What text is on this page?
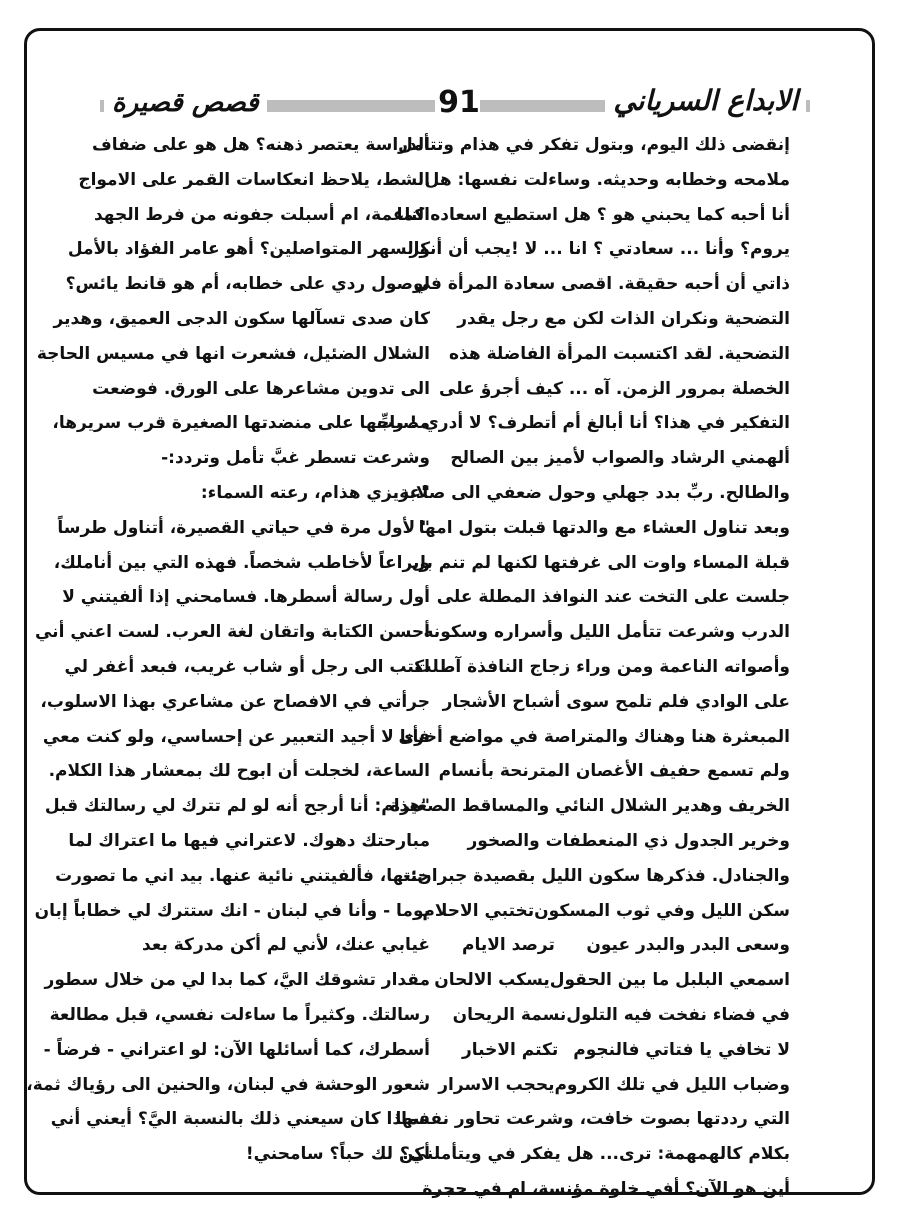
قصص قصيرة	91	الابداع السرياني
إنقضى ذلك اليوم، وبتول تفكر في هذام وتتأمل
ملامحه وخطابه وحديثه. وساءلت نفسها: هل
أنا أحبه كما يحبني هو ؟ هل استطيع اسعاده كما
يروم؟ وأنا ... سعادتي ؟ انا ... لا !يجب أن أنكر
ذاتي أن أحبه حقيقة. اقصى سعادة المرأة في
التضحية ونكران الذات لكن مع رجل يقدر
التضحية. لقد اكتسبت المرأة الفاضلة هذه
الخصلة بمرور الزمن. آه ... كيف أجرؤ على
التفكير في هذا؟ أنا أبالغ أم أتطرف؟ لا أدري ! ربِّ
ألهمني الرشاد والصواب لأميز بين الصالح
والطالح. ربِّ بدد جهلي وحول ضعفي الى صلابة.
وبعد تناول العشاء مع والدتها قبلت بتول امها
قبلة المساء واوت الى غرفتها لكنها لم تنم بل
جلست على التخت عند النوافذ المطلة على
الدرب وشرعت تتأمل الليل وأسراره وسكونه
وأصواته الناعمة ومن وراء زجاج النافذة آطلت
على الوادي فلم تلمح سوى أشباح الأشجار
المبعثرة هنا وهناك والمتراصة في مواضع أخرى
ولم تسمع حفيف الأغصان المترنحة بأنسام
الخريف وهدير الشلال النائي والمساقط الصغيرة
وخرير الجدول ذي المنعطفات والصخور
والجنادل. فذكرها سكون الليل بقصيدة جبران:-
سكن الليل وفي ثوب المسكون
تختبي الاحلام
وسعى البدر والبدر عيون
ترصد الايام
اسمعي البلبل ما بين الحقول
يسكب الالحان
في فضاء نفخت فيه التلول
نسمة الريحان
لا تخافي يا فتاتي فالنجوم
تكتم الاخبار
وضباب الليل في تلك الكروم
يحجب الاسرار
التي رددتها بصوت خافت، وشرعت تحاور نفسها
بكلام كالهمهمة: ترى... هل يفكر في ويتأملني؟
أين هو الآن؟ أفي خلوة مؤنسة، ام في حجرة
الدراسة يعتصر ذهنه؟ هل هو على ضفاف
الشط، يلاحظ انعكاسات القمر على الامواج
الناعمة، ام أسبلت جفونه من فرط الجهد
والسهر المتواصلين؟ أهو عامر الفؤاد بالأمل
لوصول ردي على خطابه، أم هو قانط يائس؟
كان صدى تسآلها سكون الدجى العميق، وهدير
الشلال الضئيل، فشعرت انها في مسيس الحاجة
الى تدوين مشاعرها على الورق. فوضعت
مصباحها على منضدتها الصغيرة قرب سريرها،
وشرعت تسطر غبَّ تأمل وتردد:-
"عزيزي هذام، رعته السماء:
" لأول مرة في حياتي القصيرة، أتناول طرساً
ويراعاً لأخاطب شخصاً. فهذه التي بين أناملك،
أول رسالة أسطرها. فسامحني إذا ألفيتني لا
أحسن الكتابة واتقان لغة العرب. لست اعني أني
اكتب الى رجل أو شاب غريب، فبعد أغفر لي
جرأتي في الافصاح عن مشاعري بهذا الاسلوب،
فأنا لا أجيد التعبير عن إحساسي، ولو كنت معي
الساعة، لخجلت أن ابوح لك بمعشار هذا الكلام.
"هذام: أنا أرجح أنه لو لم تترك لي رسالتك قبل
مبارحتك دهوك. لاعتراني فيها ما اعتراك لما
جئتها، فألفيتني نائية عنها. بيد اني ما تصورت
يوما - وأنا في لبنان - انك ستترك لي خطاباً إبان
غيابي عنك، لأني لم أكن مدركة بعد
مقدار تشوقك اليَّ، كما بدا لي من خلال سطور
رسالتك. وكثيراً ما ساءلت نفسي، قبل مطالعة
أسطرك، كما أسائلها الآن: لو اعتراني - فرضاً -
شعور الوحشة في لبنان، والحنين الى رؤياك ثمة،
فماذا كان سيعني ذلك بالنسبة اليَّ؟ أيعني أني
أكن لك حباً؟ سامحني!
